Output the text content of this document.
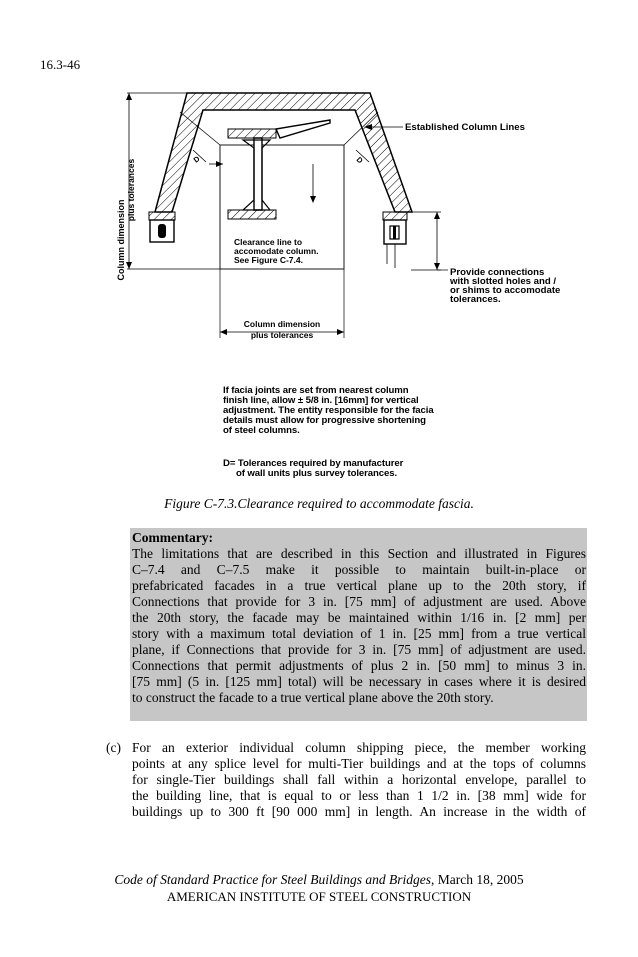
16.3-46
Established Column Lines
D	D
Column dimension
plus tolerances
Clearance line to
accomodate column.
See Figure C-7.4.
Provide connections
with slotted holes and /
or shims to accomodate
tolerances.
Column dimension
plus tolerances
If facia joints are set from nearest column
finish line, allow ± 5/8 in. [16mm] for vertical
adjustment. The entity responsible for the facia
details must allow for progressive shortening
of steel columns.
D= Tolerances required by manufacturer
of wall units plus survey tolerances.
Figure C-7.3.Clearance required to accommodate fascia.
Commentary:
The limitations that are described in this Section and illustrated in Figures
C–7.4 and C–7.5 make it possible to maintain built-in-place or
prefabricated facades in a true vertical plane up to the 20th story, if
Connections that provide for 3 in. [75 mm] of adjustment are used. Above
the 20th story, the facade may be maintained within 1/16 in. [2 mm] per
story with a maximum total deviation of 1 in. [25 mm] from a true vertical
plane, if Connections that provide for 3 in. [75 mm] of adjustment are used.
Connections that permit adjustments of plus 2 in. [50 mm] to minus 3 in.
[75 mm] (5 in. [125 mm] total) will be necessary in cases where it is desired
to construct the facade to a true vertical plane above the 20th story.
(c) For an exterior individual column shipping piece, the member working
points at any splice level for multi-Tier buildings and at the tops of columns
for single-Tier buildings shall fall within a horizontal envelope, parallel to
the building line, that is equal to or less than 1 1/2 in. [38 mm] wide for
buildings up to 300 ft [90 000 mm] in length. An increase in the width of
Code of Standard Practice for Steel Buildings and Bridges, March 18, 2005
AMERICAN INSTITUTE OF STEEL CONSTRUCTION
